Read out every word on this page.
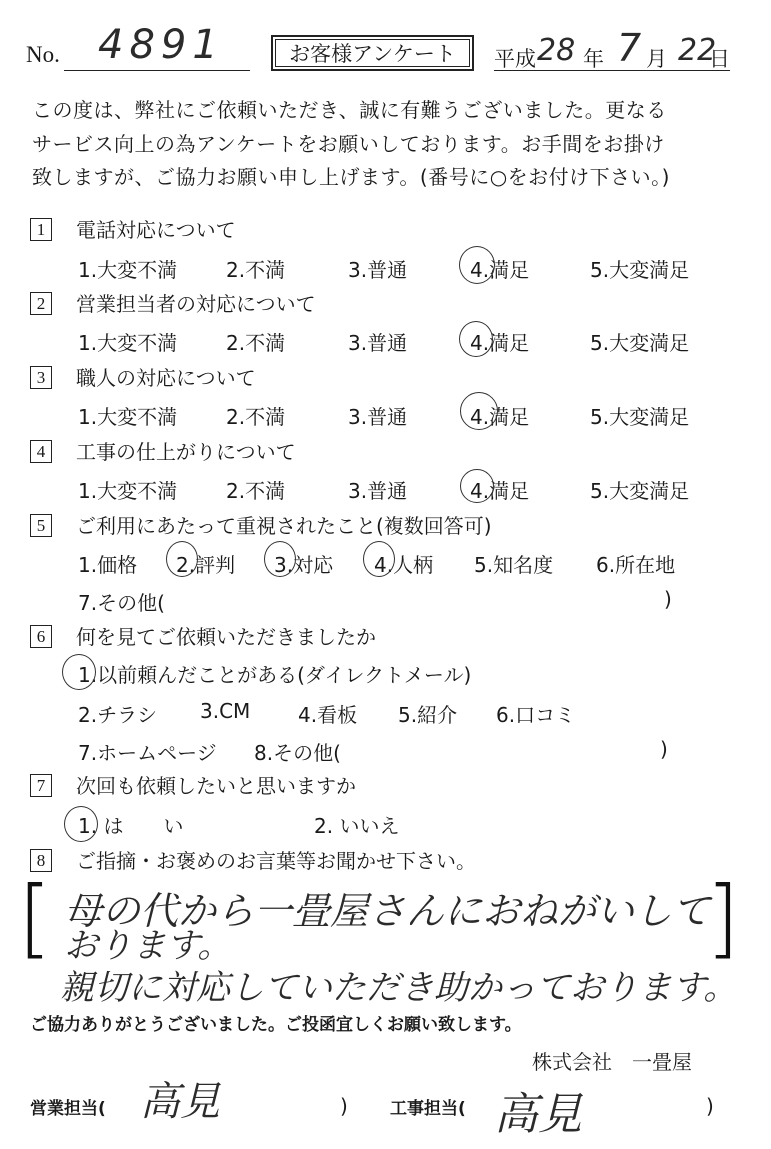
No. 4891	お客様アンケート	平成 28 年 7 月 22
日
この度は、弊社にご依頼いただき、誠に有難うございました。更なる
サービス向上の為アンケートをお願いしております。お手間をお掛け
致しますが、ご協力お願い申し上げます。(番号に○をお付け下さい。)
1	電話対応について
1.大変不満 2.不満	3.普通	4.満足	5.大変満足
2	営業担当者の対応について
1.大変不満 2.不満	3.普通	4.満足	5.大変満足
3	職人の対応について
1.大変不満 2.不満	3.普通	4.満足	5.大変満足
4	工事の仕上がりについて
1.大変不満 2.不満	3.普通	4.満足	5.大変満足
5	ご利用にあたって重視されたこと(複数回答可)
1.価格 2.評判 3.対応 4.人柄 5.知名度 6.所在地
7.その他(	)
6	何を見てご依頼いただきましたか
1.以前頼んだことがある(ダイレクトメール)
2.チラシ 3.CM 4.看板 5.紹介 6.口コミ
7.ホームページ 8.その他(	)
7	次回も依頼したいと思いますか
1. は　　い	2. いいえ
8	ご指摘・お褒めのお言葉等お聞かせ下さい。
[	]
母の代から一畳屋さんにおねがいして
おります。
親切に対応していただき助かっております。
ご協力ありがとうございました。ご投函宜しくお願い致します。
株式会社　一畳屋
営業担当( 高見	) 工事担当( 高見	)
